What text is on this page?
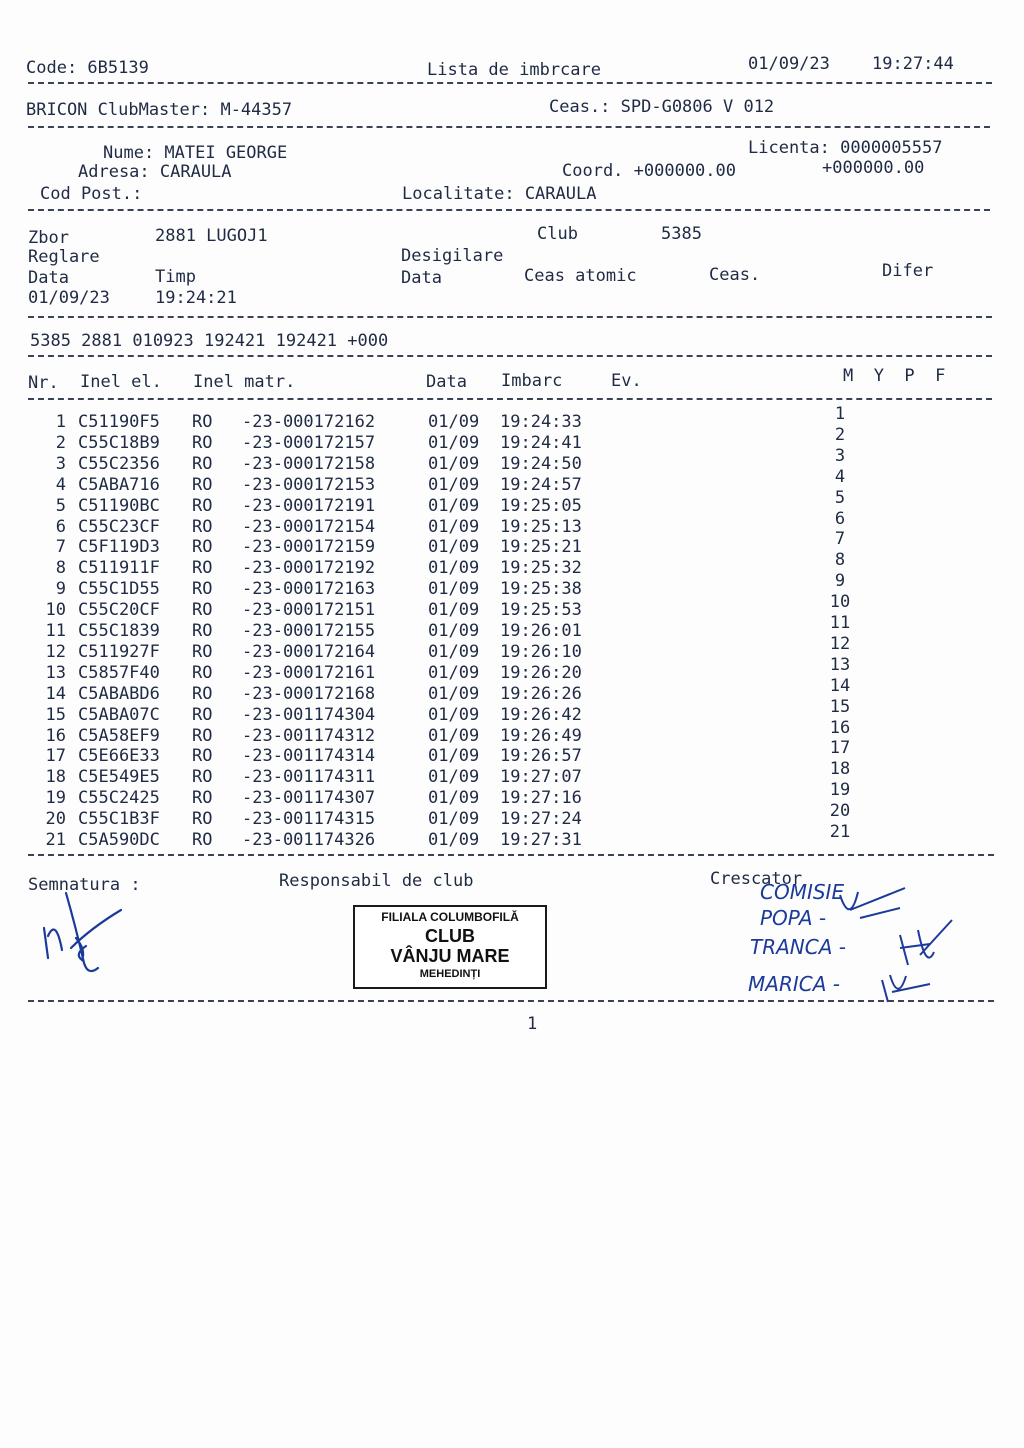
Code: 6B5139	Lista de imbrcare	01/09/23 19:27:44
BRICON ClubMaster: M-44357	Ceas.: SPD-G0806 V 012
Nume: MATEI GEORGE	Licenta: 0000005557
Adresa: CARAULA	Coord. +000000.00	+000000.00
Cod Post.:	Localitate: CARAULA
Zbor	2881 LUGOJ1	Club	5385
Reglare	Desigilare
Data	Timp	Data	Ceas atomic	Ceas.	Difer
01/09/23	19:24:21
5385 2881 010923 192421 192421 +000
Nr. Inel el. Inel matr.	Data Imbarc	Ev.	M  Y  P  F
1 C51190F5 RO -23-000172162	01/09 19:24:33	1
2 C55C18B9 RO -23-000172157	01/09 19:24:41	2
3 C55C2356 RO -23-000172158	01/09 19:24:50	3
4 C5ABA716 RO -23-000172153	01/09 19:24:57	4
5 C51190BC RO -23-000172191	01/09 19:25:05	5
6 C55C23CF RO -23-000172154	01/09 19:25:13	6
7 C5F119D3 RO -23-000172159	01/09 19:25:21	7
8 C511911F RO -23-000172192	01/09 19:25:32	8
9 C55C1D55 RO -23-000172163	01/09 19:25:38	9
10 C55C20CF RO -23-000172151	01/09 19:25:53	10
11 C55C1839 RO -23-000172155	01/09 19:26:01	11
12 C511927F RO -23-000172164	01/09 19:26:10	12
13 C5857F40 RO -23-000172161	01/09 19:26:20	13
14 C5ABABD6 RO -23-000172168	01/09 19:26:26	14
15 C5ABA07C RO -23-001174304	01/09 19:26:42	15
16 C5A58EF9 RO -23-001174312	01/09 19:26:49	16
17 C5E66E33 RO -23-001174314	01/09 19:26:57	17
18 C5E549E5 RO -23-001174311	01/09 19:27:07	18
19 C55C2425 RO -23-001174307	01/09 19:27:16	19
20 C55C1B3F RO -23-001174315	01/09 19:27:24	20
21 C5A590DC RO -23-001174326	01/09 19:27:31	21
Semnatura :	Responsabil de club	Crescator
FILIALA COLUMBOFILĂ
CLUB
VÂNJU MARE
MEHEDINȚI
COMISIE
POPA -
TRANCA -
MARICA -
1
